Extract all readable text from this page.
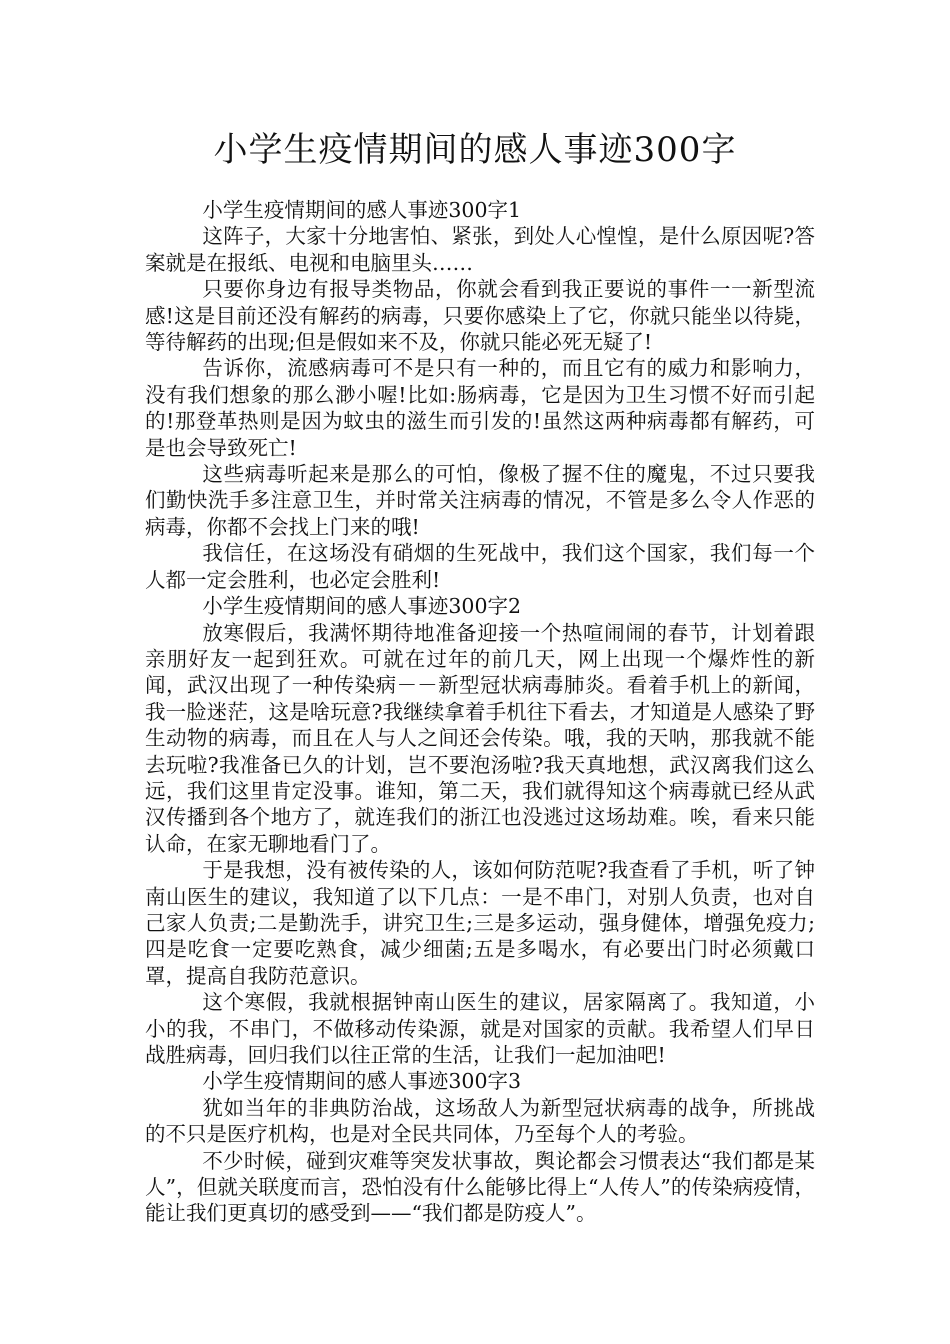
小学生疫情期间的感人事迹300字

小学生疫情期间的感人事迹300字1

这阵子，大家十分地害怕、紧张，到处人心惶惶，是什么原因呢?答案就是在报纸、电视和电脑里头……

只要你身边有报导类物品，你就会看到我正要说的事件一一新型流感!这是目前还没有解药的病毒，只要你感染上了它，你就只能坐以待毙，等待解药的出现;但是假如来不及，你就只能必死无疑了!

告诉你，流感病毒可不是只有一种的，而且它有的威力和影响力，没有我们想象的那么渺小喔!比如:肠病毒，它是因为卫生习惯不好而引起的!那登革热则是因为蚊虫的滋生而引发的!虽然这两种病毒都有解药，可是也会导致死亡!

这些病毒听起来是那么的可怕，像极了握不住的魔鬼，不过只要我们勤快洗手多注意卫生，并时常关注病毒的情况，不管是多么令人作恶的病毒，你都不会找上门来的哦!

我信任，在这场没有硝烟的生死战中，我们这个国家，我们每一个人都一定会胜利，也必定会胜利!

小学生疫情期间的感人事迹300字2

放寒假后，我满怀期待地准备迎接一个热喧闹闹的春节，计划着跟亲朋好友一起到狂欢。可就在过年的前几天，网上出现一个爆炸性的新闻，武汉出现了一种传染病－－新型冠状病毒肺炎。看着手机上的新闻，我一脸迷茫，这是啥玩意?我继续拿着手机往下看去，才知道是人感染了野生动物的病毒，而且在人与人之间还会传染。哦，我的天呐，那我就不能去玩啦?我准备已久的计划，岂不要泡汤啦?我天真地想，武汉离我们这么远，我们这里肯定没事。谁知，第二天，我们就得知这个病毒就已经从武汉传播到各个地方了，就连我们的浙江也没逃过这场劫难。唉，看来只能认命，在家无聊地看门了。

于是我想，没有被传染的人，该如何防范呢?我查看了手机，听了钟南山医生的建议，我知道了以下几点：一是不串门，对别人负责，也对自己家人负责;二是勤洗手，讲究卫生;三是多运动，强身健体，增强免疫力;四是吃食一定要吃熟食，减少细菌;五是多喝水，有必要出门时必须戴口罩，提高自我防范意识。

这个寒假，我就根据钟南山医生的建议，居家隔离了。我知道，小小的我，不串门，不做移动传染源，就是对国家的贡献。我希望人们早日战胜病毒，回归我们以往正常的生活，让我们一起加油吧!

小学生疫情期间的感人事迹300字3

犹如当年的非典防治战，这场敌人为新型冠状病毒的战争，所挑战的不只是医疗机构，也是对全民共同体，乃至每个人的考验。

不少时候，碰到灾难等突发状事故，舆论都会习惯表达“我们都是某人”，但就关联度而言，恐怕没有什么能够比得上“人传人”的传染病疫情，能让我们更真切的感受到——“我们都是防疫人”。
